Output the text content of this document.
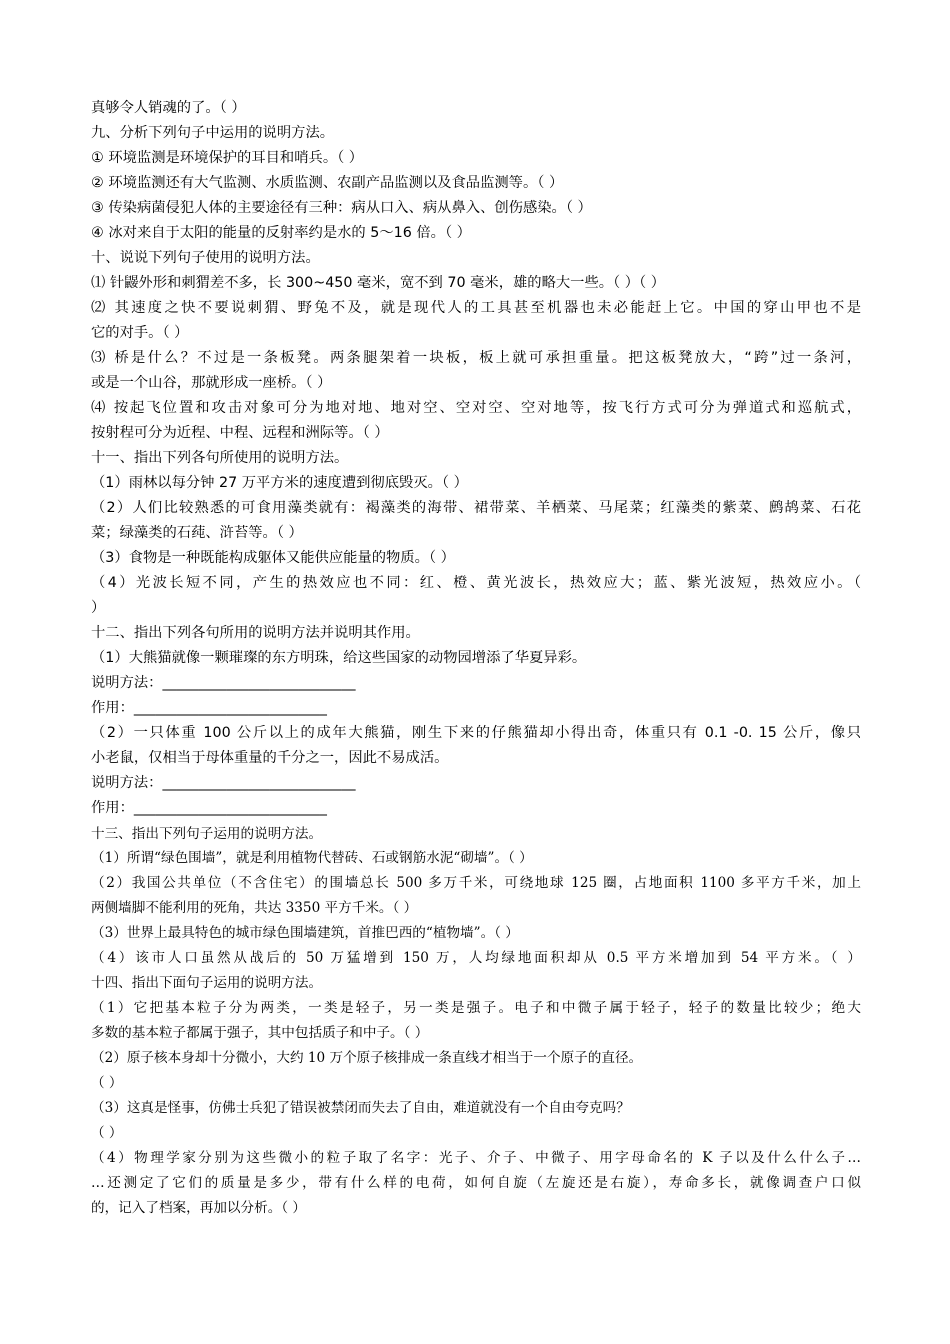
真够令人销魂的了。（ ）
九、分析下列句子中运用的说明方法。
① 环境监测是环境保护的耳目和哨兵。（ ）
② 环境监测还有大气监测、水质监测、农副产品监测以及食品监测等。（ ）
③ 传染病菌侵犯人体的主要途径有三种：病从口入、病从鼻入、创伤感染。（ ）
④ 冰对来自于太阳的能量的反射率约是水的 5～16 倍。（ ）
十、说说下列句子使用的说明方法。
⑴ 针鼹外形和刺猬差不多，长 300~450 毫米，宽不到 70 毫米，雄的略大一些。（ ）（ ）
⑵ 其速度之快不要说刺猬、野兔不及，就是现代人的工具甚至机器也未必能赶上它。中国的穿山甲也不是
它的对手。（ ）
⑶ 桥是什么？不过是一条板凳。两条腿架着一块板，板上就可承担重量。把这板凳放大，“跨”过一条河，
或是一个山谷，那就形成一座桥。（ ）
⑷ 按起飞位置和攻击对象可分为地对地、地对空、空对空、空对地等，按飞行方式可分为弹道式和巡航式，
按射程可分为近程、中程、远程和洲际等。（ ）
十一、指出下列各句所使用的说明方法。
（1）雨林以每分钟 27 万平方米的速度遭到彻底毁灭。（ ）
（2）人们比较熟悉的可食用藻类就有：褐藻类的海带、裙带菜、羊栖菜、马尾菜；红藻类的紫菜、鹧鸪菜、石花
菜；绿藻类的石莼、浒苔等。（ ）
（3）食物是一种既能构成躯体又能供应能量的物质。（ ）
（4）光波长短不同，产生的热效应也不同：红、橙、黄光波长，热效应大；蓝、紫光波短，热效应小。（
）
十二、指出下列各句所用的说明方法并说明其作用。
（1）大熊猫就像一颗璀璨的东方明珠，给这些国家的动物园增添了华夏异彩。
说明方法：___________________________
作用：___________________________
（2）一只体重 100 公斤以上的成年大熊猫，刚生下来的仔熊猫却小得出奇，体重只有 0.1 -0. 15 公斤，像只
小老鼠，仅相当于母体重量的千分之一，因此不易成活。
说明方法：___________________________
作用：___________________________
十三、指出下列句子运用的说明方法。
（1）所谓“绿色围墙”，就是利用植物代替砖、石或钢筋水泥“砌墙”。（ ）
（2）我国公共单位（不含住宅）的围墙总长 500 多万千米，可绕地球 125 圈，占地面积 1100 多平方千米，加上
两侧墙脚不能利用的死角，共达 3350 平方千米。（ ）
（3）世界上最具特色的城市绿色围墙建筑，首推巴西的“植物墙”。（ ）
（4）该市人口虽然从战后的 50 万猛增到 150 万，人均绿地面积却从 0.5 平方米增加到 54 平方米。（ ）
十四、指出下面句子运用的说明方法。
（1）它把基本粒子分为两类，一类是轻子，另一类是强子。电子和中微子属于轻子，轻子的数量比较少；绝大
多数的基本粒子都属于强子，其中包括质子和中子。（ ）
（2）原子核本身却十分微小，大约 10 万个原子核排成一条直线才相当于一个原子的直径。
（ ）
（3）这真是怪事，仿佛士兵犯了错误被禁闭而失去了自由，难道就没有一个自由夸克吗？
（ ）
（4）物理学家分别为这些微小的粒子取了名字：光子、介子、中微子、用字母命名的 K 子以及什么什么子…
…还测定了它们的质量是多少，带有什么样的电荷，如何自旋（左旋还是右旋），寿命多长，就像调查户口似
的，记入了档案，再加以分析。（ ）
